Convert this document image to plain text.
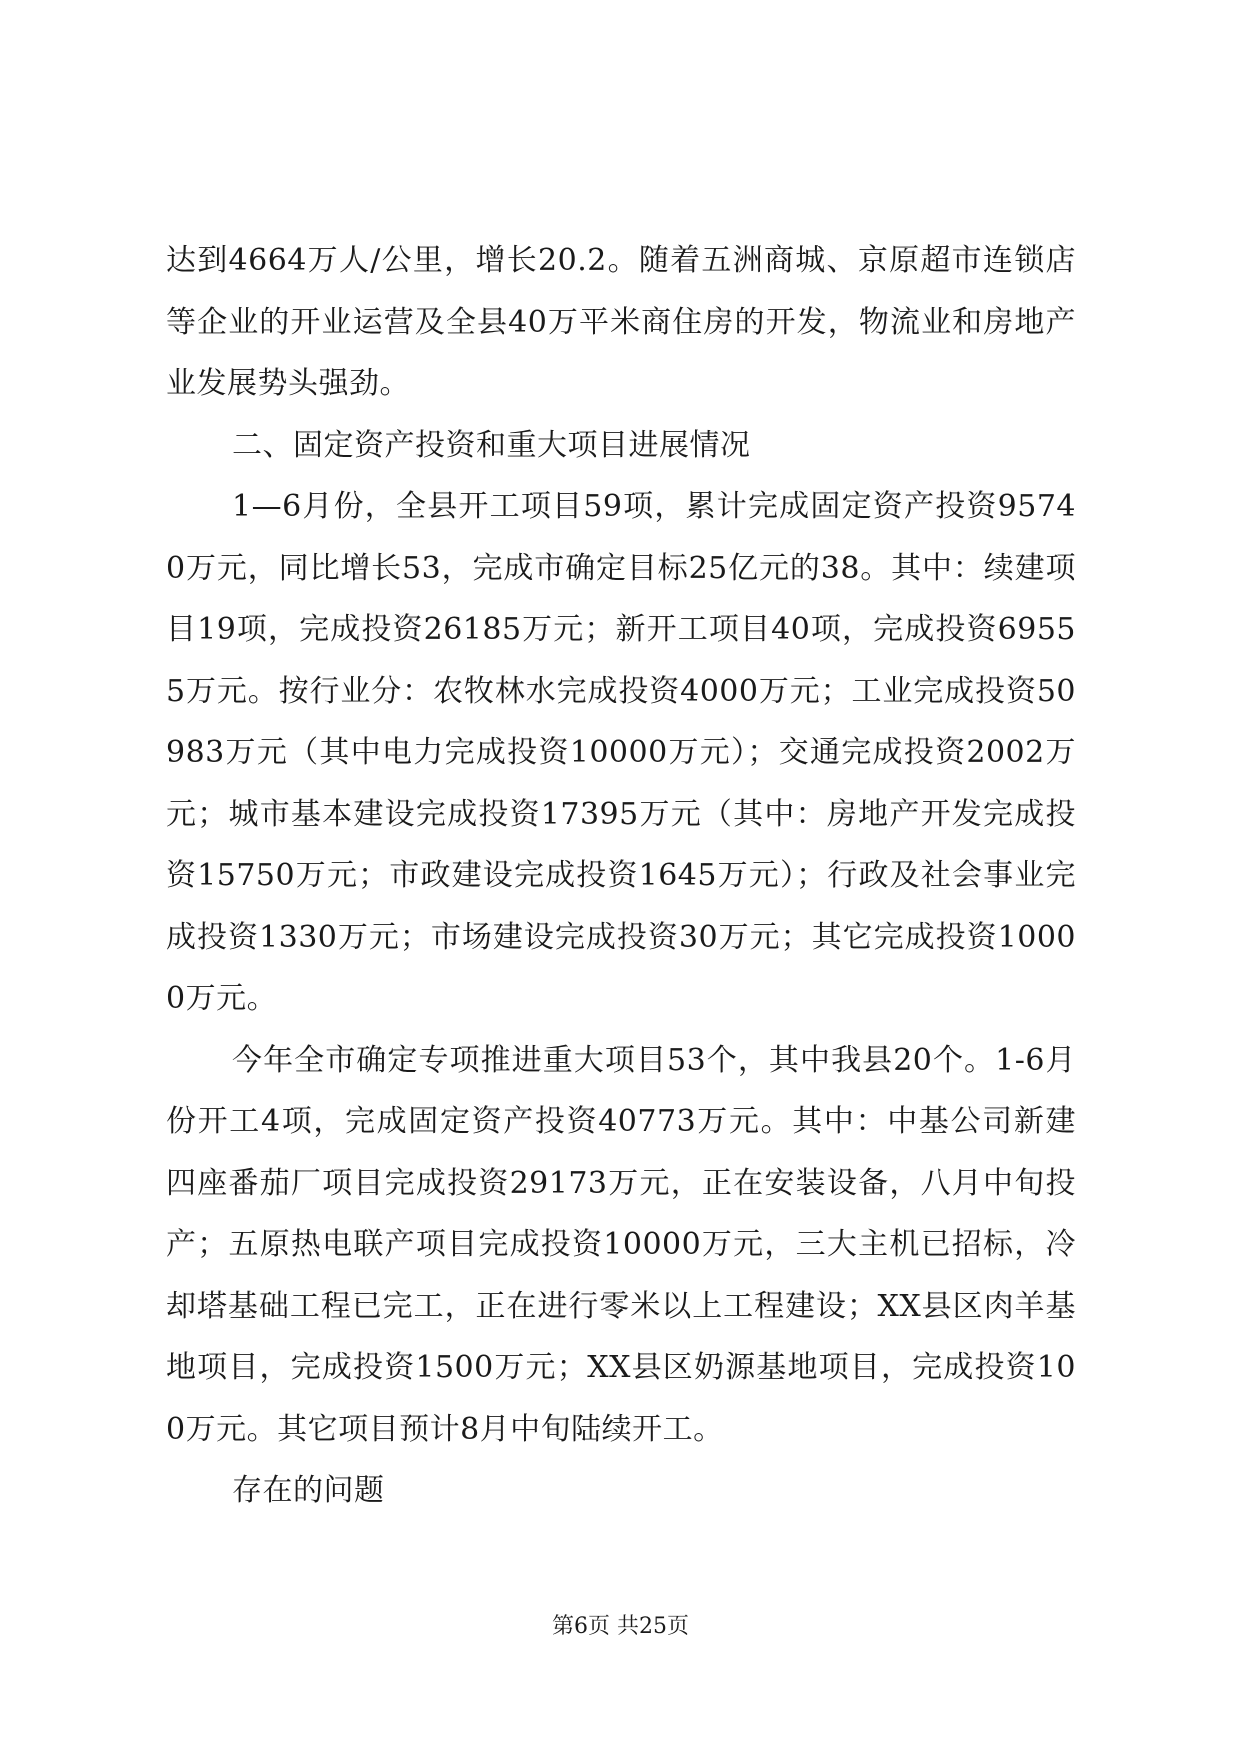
达到4664万人/公里，增长20.2。随着五洲商城、京原超市连锁店等企业的开业运营及全县40万平米商住房的开发，物流业和房地产业发展势头强劲。

二、固定资产投资和重大项目进展情况

1—6月份，全县开工项目59项，累计完成固定资产投资95740万元，同比增长53，完成市确定目标25亿元的38。其中：续建项目19项，完成投资26185万元；新开工项目40项，完成投资69555万元。按行业分：农牧林水完成投资4000万元；工业完成投资50983万元（其中电力完成投资10000万元）；交通完成投资2002万元；城市基本建设完成投资17395万元（其中：房地产开发完成投资15750万元；市政建设完成投资1645万元）；行政及社会事业完成投资1330万元；市场建设完成投资30万元；其它完成投资10000万元。

今年全市确定专项推进重大项目53个，其中我县20个。1-6月份开工4项，完成固定资产投资40773万元。其中：中基公司新建四座番茄厂项目完成投资29173万元，正在安装设备，八月中旬投产；五原热电联产项目完成投资10000万元，三大主机已招标，冷却塔基础工程已完工，正在进行零米以上工程建设；XX县区肉羊基地项目，完成投资1500万元；XX县区奶源基地项目，完成投资100万元。其它项目预计8月中旬陆续开工。

存在的问题

第6页 共25页
